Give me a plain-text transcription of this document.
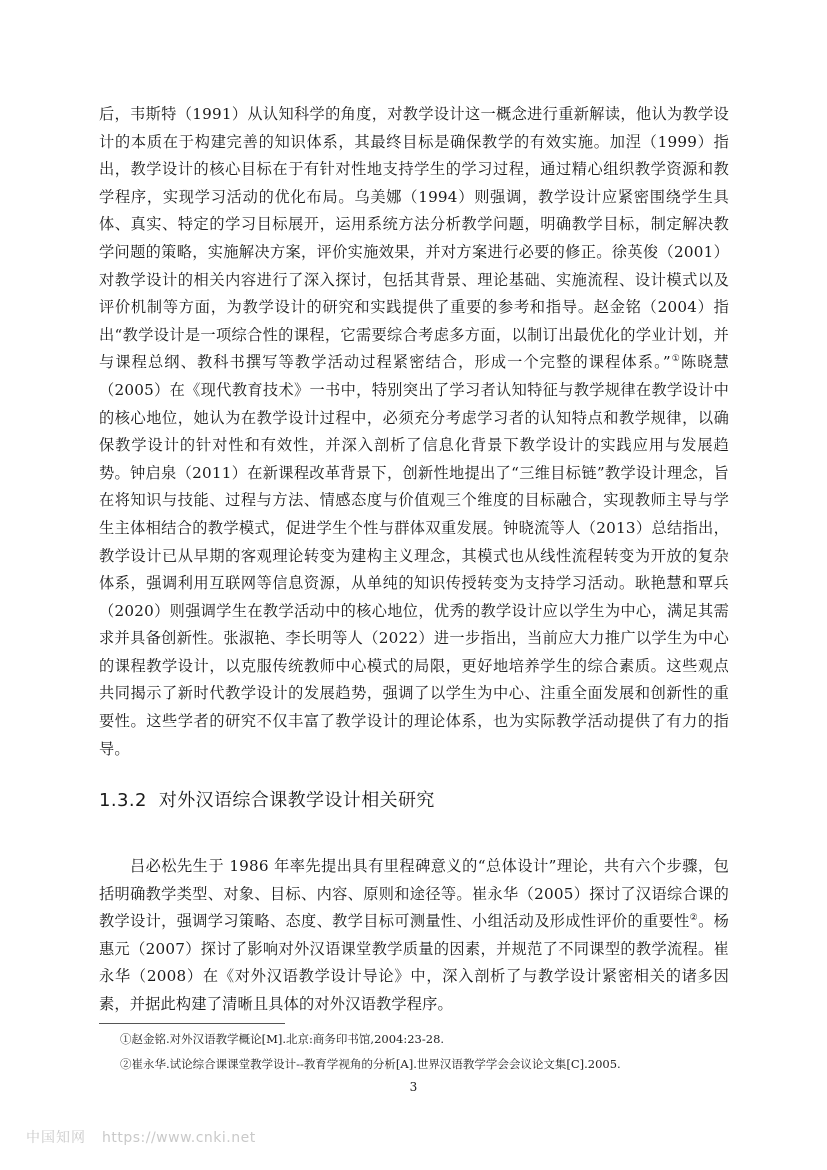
后，韦斯特（1991）从认知科学的角度，对教学设计这一概念进行重新解读，他认为教学设计的本质在于构建完善的知识体系，其最终目标是确保教学的有效实施。加涅（1999）指出，教学设计的核心目标在于有针对性地支持学生的学习过程，通过精心组织教学资源和教学程序，实现学习活动的优化布局。乌美娜（1994）则强调，教学设计应紧密围绕学生具体、真实、特定的学习目标展开，运用系统方法分析教学问题，明确教学目标，制定解决教学问题的策略，实施解决方案，评价实施效果，并对方案进行必要的修正。徐英俊（2001）对教学设计的相关内容进行了深入探讨，包括其背景、理论基础、实施流程、设计模式以及评价机制等方面，为教学设计的研究和实践提供了重要的参考和指导。赵金铭（2004）指出“教学设计是一项综合性的课程，它需要综合考虑多方面，以制订出最优化的学业计划，并与课程总纲、教科书撰写等教学活动过程紧密结合，形成一个完整的课程体系。”①陈晓慧（2005）在《现代教育技术》一书中，特别突出了学习者认知特征与教学规律在教学设计中的核心地位，她认为在教学设计过程中，必须充分考虑学习者的认知特点和教学规律，以确保教学设计的针对性和有效性，并深入剖析了信息化背景下教学设计的实践应用与发展趋势。钟启泉（2011）在新课程改革背景下，创新性地提出了“三维目标链”教学设计理念，旨在将知识与技能、过程与方法、情感态度与价值观三个维度的目标融合，实现教师主导与学生主体相结合的教学模式，促进学生个性与群体双重发展。钟晓流等人（2013）总结指出，教学设计已从早期的客观理论转变为建构主义理念，其模式也从线性流程转变为开放的复杂体系，强调利用互联网等信息资源，从单纯的知识传授转变为支持学习活动。耿艳慧和覃兵（2020）则强调学生在教学活动中的核心地位，优秀的教学设计应以学生为中心，满足其需求并具备创新性。张淑艳、李长明等人（2022）进一步指出，当前应大力推广以学生为中心的课程教学设计，以克服传统教师中心模式的局限，更好地培养学生的综合素质。这些观点共同揭示了新时代教学设计的发展趋势，强调了以学生为中心、注重全面发展和创新性的重要性。这些学者的研究不仅丰富了教学设计的理论体系，也为实际教学活动提供了有力的指导。
1.3.2 对外汉语综合课教学设计相关研究
吕必松先生于 1986 年率先提出具有里程碑意义的“总体设计”理论，共有六个步骤，包括明确教学类型、对象、目标、内容、原则和途径等。崔永华（2005）探讨了汉语综合课的教学设计，强调学习策略、态度、教学目标可测量性、小组活动及形成性评价的重要性②。杨惠元（2007）探讨了影响对外汉语课堂教学质量的因素，并规范了不同课型的教学流程。崔永华（2008）在《对外汉语教学设计导论》中，深入剖析了与教学设计紧密相关的诸多因素，并据此构建了清晰且具体的对外汉语教学程序。
①赵金铭.对外汉语教学概论[M].北京:商务印书馆,2004:23-28.
②崔永华.试论综合课课堂教学设计--教育学视角的分析[A].世界汉语教学学会会议论文集[C].2005.
3
中国知网 https://www.cnki.net
